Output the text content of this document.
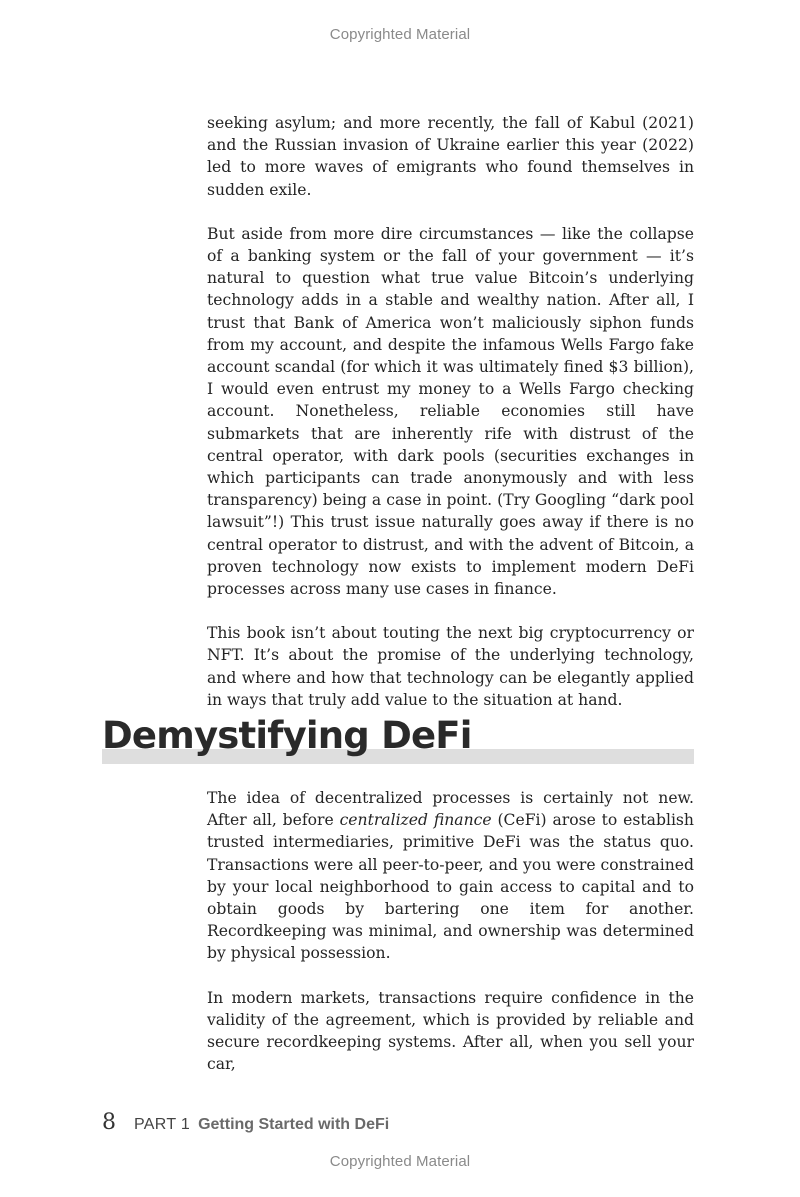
Copyrighted Material

seeking asylum; and more recently, the fall of Kabul (2021) and the Russian invasion of Ukraine earlier this year (2022) led to more waves of emigrants who found themselves in sudden exile.

But aside from more dire circumstances — like the collapse of a banking system or the fall of your government — it’s natural to question what true value Bitcoin’s underlying technology adds in a stable and wealthy nation. After all, I trust that Bank of America won’t maliciously siphon funds from my account, and despite the infamous Wells Fargo fake account scandal (for which it was ultimately fined $3 billion), I would even entrust my money to a Wells Fargo checking account. Nonetheless, reliable economies still have submarkets that are inherently rife with distrust of the central operator, with dark pools (securities exchanges in which participants can trade anonymously and with less transparency) being a case in point. (Try Googling “dark pool lawsuit”!) This trust issue naturally goes away if there is no central operator to distrust, and with the advent of Bitcoin, a proven technology now exists to implement modern DeFi processes across many use cases in finance.

This book isn’t about touting the next big cryptocurrency or NFT. It’s about the promise of the underlying technology, and where and how that technology can be elegantly applied in ways that truly add value to the situation at hand.

Demystifying DeFi

The idea of decentralized processes is certainly not new. After all, before centralized finance (CeFi) arose to establish trusted intermediaries, primitive DeFi was the status quo. Transactions were all peer-to-peer, and you were constrained by your local neighborhood to gain access to capital and to obtain goods by bartering one item for another. Recordkeeping was minimal, and ownership was determined by physical possession.

In modern markets, transactions require confidence in the validity of the agreement, which is provided by reliable and secure recordkeeping systems. After all, when you sell your car,

8 PART 1 Getting Started with DeFi
Copyrighted Material
